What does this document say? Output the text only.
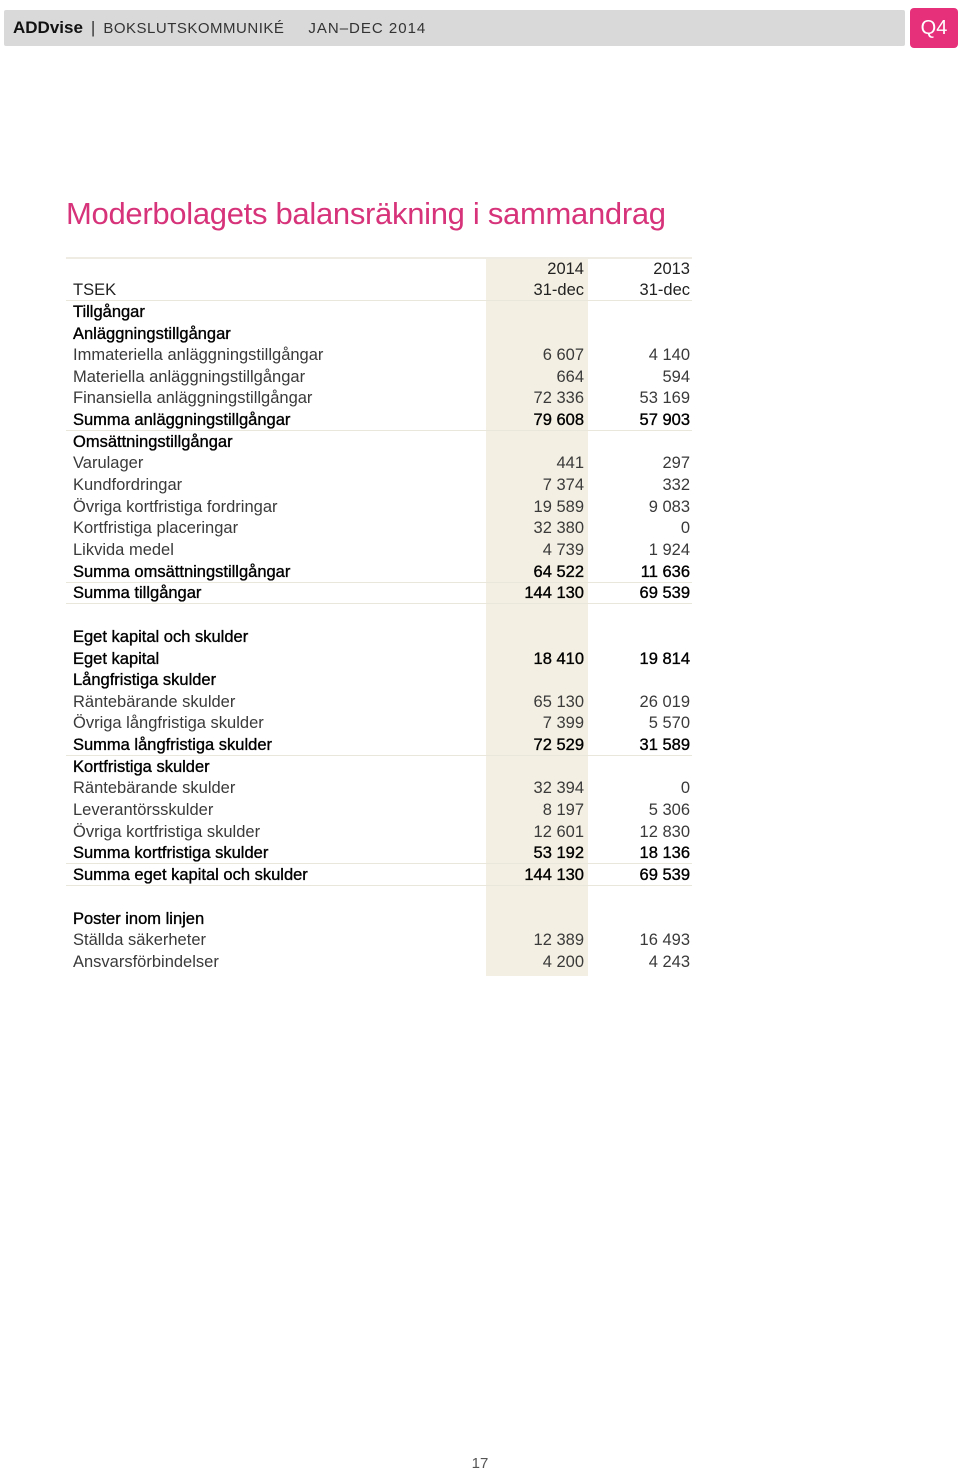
ADDvise | BOKSLUTSKOMMUNIKÉ JAN–DEC 2014	Q4
Moderbolagets balansräkning i sammandrag
2014	2013
TSEK	31-dec	31-dec
Tillgångar
Anläggningstillgångar
Immateriella anläggningstillgångar	6 607	4 140
Materiella anläggningstillgångar	664	594
Finansiella anläggningstillgångar	72 336	53 169
Summa anläggningstillgångar	79 608	57 903
Omsättningstillgångar
Varulager	441	297
Kundfordringar	7 374	332
Övriga kortfristiga fordringar	19 589	9 083
Kortfristiga placeringar	32 380	0
Likvida medel	4 739	1 924
Summa omsättningstillgångar	64 522	11 636
Summa tillgångar	144 130	69 539
Eget kapital och skulder
Eget kapital	18 410	19 814
Långfristiga skulder
Räntebärande skulder	65 130	26 019
Övriga långfristiga skulder	7 399	5 570
Summa långfristiga skulder	72 529	31 589
Kortfristiga skulder
Räntebärande skulder	32 394	0
Leverantörsskulder	8 197	5 306
Övriga kortfristiga skulder	12 601	12 830
Summa kortfristiga skulder	53 192	18 136
Summa eget kapital och skulder	144 130	69 539
Poster inom linjen
Ställda säkerheter	12 389	16 493
Ansvarsförbindelser	4 200	4 243
17
